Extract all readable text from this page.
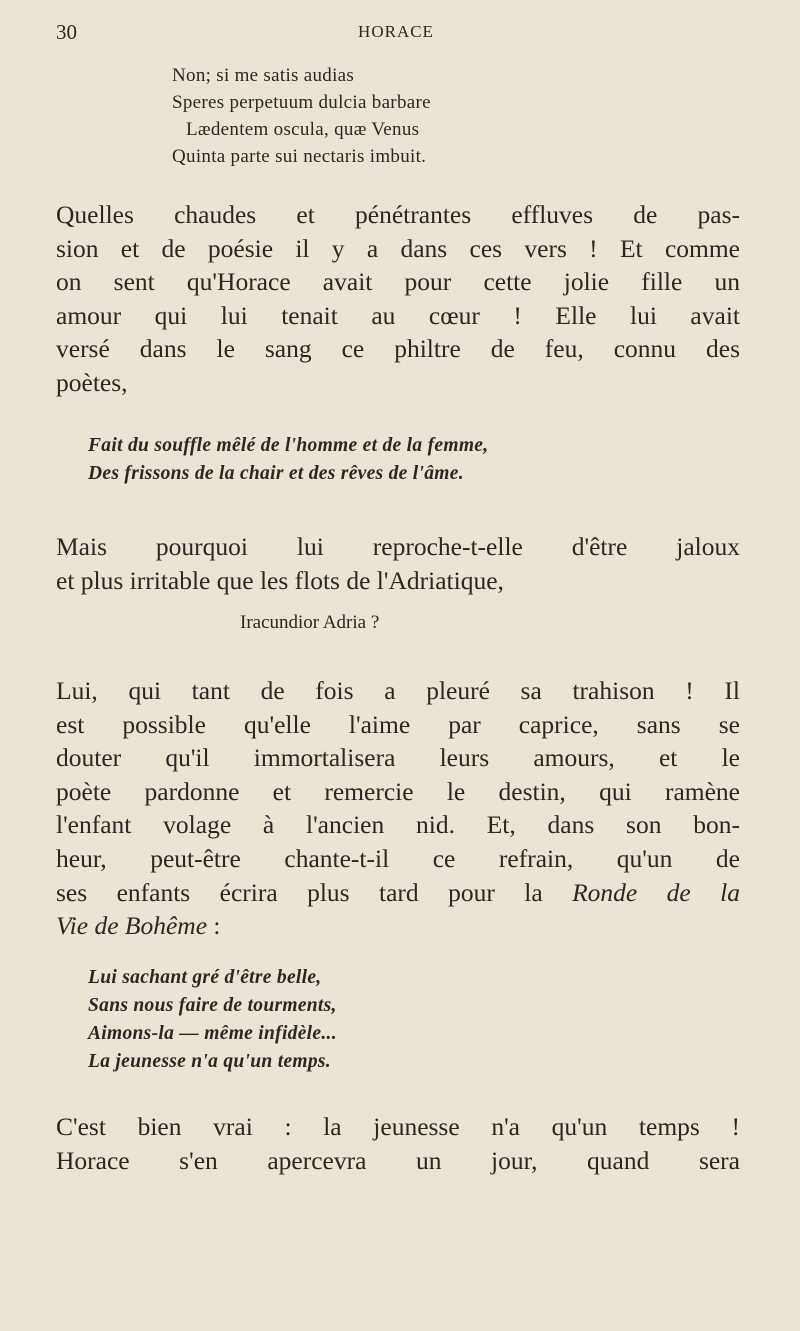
30	HORACE
Non; si me satis audias
Speres perpetuum dulcia barbare
Lædentem oscula, quæ Venus
Quinta parte sui nectaris imbuit.

Quelles chaudes et pénétrantes effluves de pas-
sion et de poésie il y a dans ces vers ! Et comme
on sent qu'Horace avait pour cette jolie fille un
amour qui lui tenait au cœur ! Elle lui avait
versé dans le sang ce philtre de feu, connu des
poètes,

Fait du souffle mêlé de l'homme et de la femme,
Des frissons de la chair et des rêves de l'âme.

Mais pourquoi lui reproche-t-elle d'être jaloux
et plus irritable que les flots de l'Adriatique,

Iracundior Adria ?

Lui, qui tant de fois a pleuré sa trahison ! Il
est possible qu'elle l'aime par caprice, sans se
douter qu'il immortalisera leurs amours, et le
poète pardonne et remercie le destin, qui ramène
l'enfant volage à l'ancien nid. Et, dans son bon-
heur, peut-être chante-t-il ce refrain, qu'un de
ses enfants écrira plus tard pour la Ronde de la
Vie de Bohême :

Lui sachant gré d'être belle,
Sans nous faire de tourments,
Aimons-la — même infidèle...
La jeunesse n'a qu'un temps.

C'est bien vrai : la jeunesse n'a qu'un temps !
Horace s'en apercevra un jour, quand sera
